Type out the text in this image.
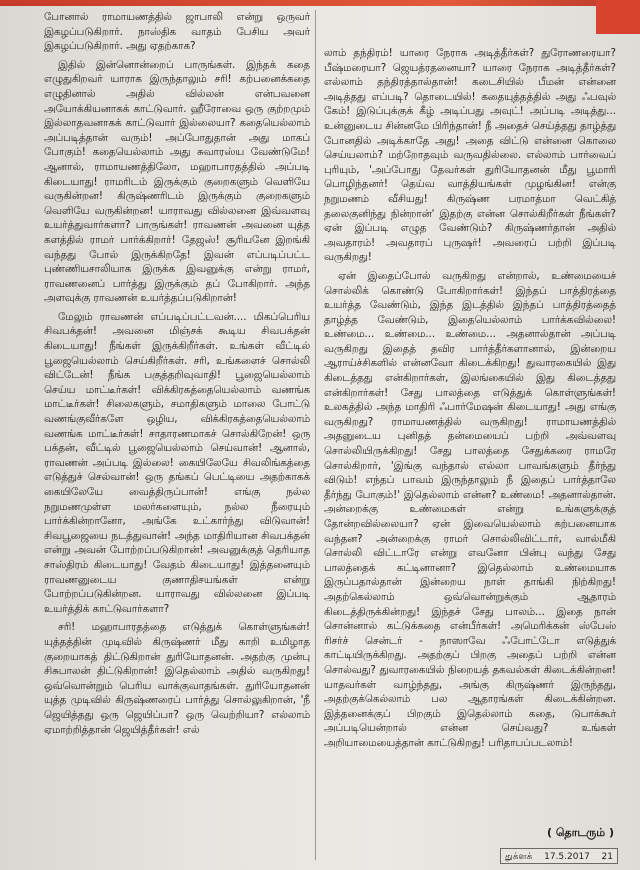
போனால் ராமாயணத்தில் ஜாபாலி என்று ஒருவர் இகழப்படுகிறார். நாஸ்திக வாதம் பேசிய அவர் இகழப்படுகிறார். அது ஏதற்காக?

இதில் இன்னொன்றைப் பாருங்கள். இந்தக் கதை எழுதுகிறவர் யாராக இருந்தாலும் சரி! கற்பனைக்கதை எழுதினால் அதில் வில்லன் என்பவனை அயோக்கியனாகக் காட்டுவார். ஹீரோவை ஒரு குற்றமும் இல்லாதவனாகக் காட்டுவார் இல்லையா? கதையெல்லாம் அப்படித்தான் வரும்! அப்போதுதான் அது மாகப் போகும்! கதையெல்லாம் அது சுவாரஸ்ய வேண்டுமே! ஆனால், ராமாயணத்திலோ, மஹாபாரதத்தில் அப்படி கிடையாது! ராமரிடம் இருக்கும் குறைகளும் வெளியே வருகின்றன! கிருஷ்ணரிடம் இருக்கும் குறைகளும் வெளியே வருகின்றன! யாராவது வில்லனை இவ்வளவு உயர்த்துவார்களா? பாருங்கள்! ராவணன் அவனை யுத்த களத்தில் ராமர் பார்க்கிறார்! தேஜஸ்! சூரியனே இறங்கி வந்தது போல் இருக்கிறதே! இவன் எப்படிப்பட்ட புண்ணியசாலியாக இருக்க இவனுக்கு என்று ராமர், ராவணனைப் பார்த்து இருக்கும் தப் போகிறார். அந்த அளவுக்கு ராவணன் உயர்த்தப்படுகிறான்!

மேலும் ராவணன் எப்படிப்பட்டவன்.... மிகப்பெரிய சிவபக்தன்! அவனை மிஞ்சக் கூடிய சிவபக்தன் கிடையாது! நீங்கள் இருக்கிறீர்கள். உங்கள் வீட்டில் பூஜையெல்லாம் செய்கிறீர்கள். சரி, உங்களைச் சொல்லி விட்டேன்! நீங்க பகுத்தறிவுவாதி! பூஜையெல்லாம் செய்ய மாட்டீர்கள்! விக்கிரகத்தையெல்லாம் வணங்க மாட்டீர்கள்! சிலைகளும், சமாதிகளும் மாலை போட்டு வணங்குவீர்களே ஒழிய, விக்கிரகத்தையெல்லாம் வணங்க மாட்டீர்கள்! சாதாரணமாகச் சொல்கிறேன்! ஒரு பக்தன், வீட்டில் பூஜையெல்லாம் செய்வான்! ஆனால், ராவணன் அப்படி இல்லை! கையிலேயே சிவலிங்கத்தை எடுத்துச் செல்வான்! ஒரு தங்கப் பெட்டியை அதற்காகக் கையிலேயே வைத்திருப்பான்! எங்கு நல்ல நறுமணமுள்ள மலர்களையும், நல்ல நீரையும் பார்க்கின்றானோ, அங்கே உட்கார்ந்து விடுவான்! சிவபூஜையை நடத்துவான்! அந்த மாதிரியான சிவபக்தன் என்று அவன் போற்றப்படுகிறான்! அவனுக்குத் தெரியாத சாஸ்திரம் கிடையாது! வேதம் கிடையாது! இத்தனையும் ராவணனுடைய குணாதிசயங்கள் என்று போற்றப்படுகின்றன. யாராவது வில்லனை இப்படி உயர்த்திக் காட்டுவார்களா?

சரி! மஹாபாரதத்தை எடுத்துக் கொள்ளுங்கள்! யுத்தத்தின் முடிவில் கிருஷ்ணர் மீது காறி உமிழாத குறையாகத் திட்டுகிறான் துரியோதனன். அதற்கு முன்பு சிசுபாலன் திட்டுகிறான்! இதெல்லாம் அதில் வருகிறது! ஒவ்வொன்றும் பெரிய வாக்குவாதங்கள். துரியோதனன் யுத்த முடிவில் கிருஷ்ணரைப் பார்த்து சொல்லுகிறான், 'நீ ஜெயித்தது ஒரு ஜெயிப்பா? ஒரு வெற்றியா? எல்லாம் ஏமாற்றித்தான் ஜெயித்தீர்கள்! எல்

லாம் தந்திரம்! யாரை நேராக அடித்தீர்கள்? துரோணரையா? பீஷ்மரையா? ஜெயத்ரதனையா? யாரை நேராக அடித்தீர்கள்? எல்லாம் தந்திரத்தால்தான்! கடைசியில் பீமன் என்னை அடித்தது எப்படி? தொடையில்! கதையுத்தத்தில் அது ஃபவுல் கேம்! இடுப்புக்குக் கீழ் அடிப்பது அவுட்! அப்படி அடித்து... உன்னுடைய சின்னமே பிரிந்தான்! நீ அதைச் செய்த்தது தாழ்த்து போனதில் அடிக்காதே அது! அதை விட்டு என்னை கொலை செய்யலாம்? மற்றோதவும் வருவதில்லை. எல்லாம் பார்வைப் புரியும், 'அப்போது தேவர்கள் துரியோதனன் மீது பூமாரி பொழிந்தனர்! தெய்வ வாத்தியங்கள் முழங்கின! என்கு நறுமணம் வீசியது! கிருஷ்ண பரமாத்மா வெட்கித் தலைகுனிந்து நின்றான்' இதற்கு என்ன சொல்கிறீர்கள் நீங்கள்? ஏன் இப்படி எழுத வேண்டும்? கிருஷ்ணர்தான் அதில் அவதாரம்! அவதாரப் புருஷர்! அவரைப் பற்றி இப்படி வருகிறது!

ஏன் இதைப்போல் வருகிறது என்றால், உண்மையைச் சொல்லிக் கொண்டு போகிறார்கள்! இந்தப் பாத்திரத்தை உயர்த்த வேண்டும், இந்த இடத்தில் இந்தப் பாத்திரத்தைத் தாழ்த்த வேண்டும், இதையெல்லாம் பார்க்கவில்லை! உண்மை... உண்மை... உண்மை... அதனால்தான் அப்படி வருகிறது இதைத் தவிர பார்த்தீர்களானால், இன்றைய ஆராய்ச்சிகளில் என்னவோ கிடைக்கிறது! துவாரகையில் இது கிடைத்தது என்கிறார்கள், இலங்கையில் இது கிடைத்தது என்கிறார்கள்! சேது பாலத்தை எடுத்துக் கொள்ளுங்கள்! உலகத்தில் அந்த மாதிரி ஃபார்மேஷன் கிடையாது! அது எங்கு வருகிறது? ராமாயணத்தில் வருகிறது! ராமாயணத்தில் அதனுடைய புனிதத் தன்மையைப் பற்றி அவ்வளவு சொல்லியிருக்கிறது! சேது பாலத்தை சேதுக்கரை ராமரே சொல்கிறார், 'இங்கு வந்தால் எல்லா பாவங்களும் தீர்ந்து விடும்! எந்தப் பாவம் இருந்தாலும் நீ இதைப் பார்த்தாலே தீர்ந்து போகும்!' இதெல்லாம் என்ன? உண்மை! அதனால்தான். அன்றைக்கு உண்மைகள் என்று உங்களுக்குத் தோன்றவில்லையா? ஏன் இவையெல்லாம் கற்பனையாக வந்தன? அன்றைக்கு ராமர் சொல்லிவிட்டார், வால்மீகி சொல்லி விட்டாரே என்று எவனோ பின்பு வந்து சேது பாலத்தைக் கட்டினானா? இதெல்லாம் உண்மையாக இருப்பதால்தான் இன்றைய நாள் தாங்கி நிற்கிறது! அதற்கெல்லாம் ஒவ்வொன்றுக்கும் ஆதாரம் கிடைத்திருக்கின்றது! இந்தச் சேது பாலம்... இதை நான் சொன்னால் கட்டுக்கதை என்பீர்கள்! அமெரிக்கன் ஸ்பேஸ் ரிசர்ச் சென்டர் - நாஸாவே ஃபோட்டோ எடுத்துக் காட்டியிருக்கிறது. அதற்குப் பிறகு அதைப் பற்றி என்ன சொல்வது? துவாரகையில் நிறையத் தகவல்கள் கிடைக்கின்றன! யாதவர்கள் வாழ்ந்தது, அங்கு கிருஷ்ணர் இருந்தது, அதற்குக்கெல்லாம் பல ஆதாரங்கள் கிடைக்கின்றன. இத்தனைக்குப் பிறகும் இதெல்லாம் கதை, டுபாக்கூர் அப்படியென்றால் என்ன செய்வது? உங்கள் அறியாமையைத்தான் காட்டுகிறது! பரிதாபப்படலாம்!

( தொடரும் )
துக்ளக் 17.5.2017 21
